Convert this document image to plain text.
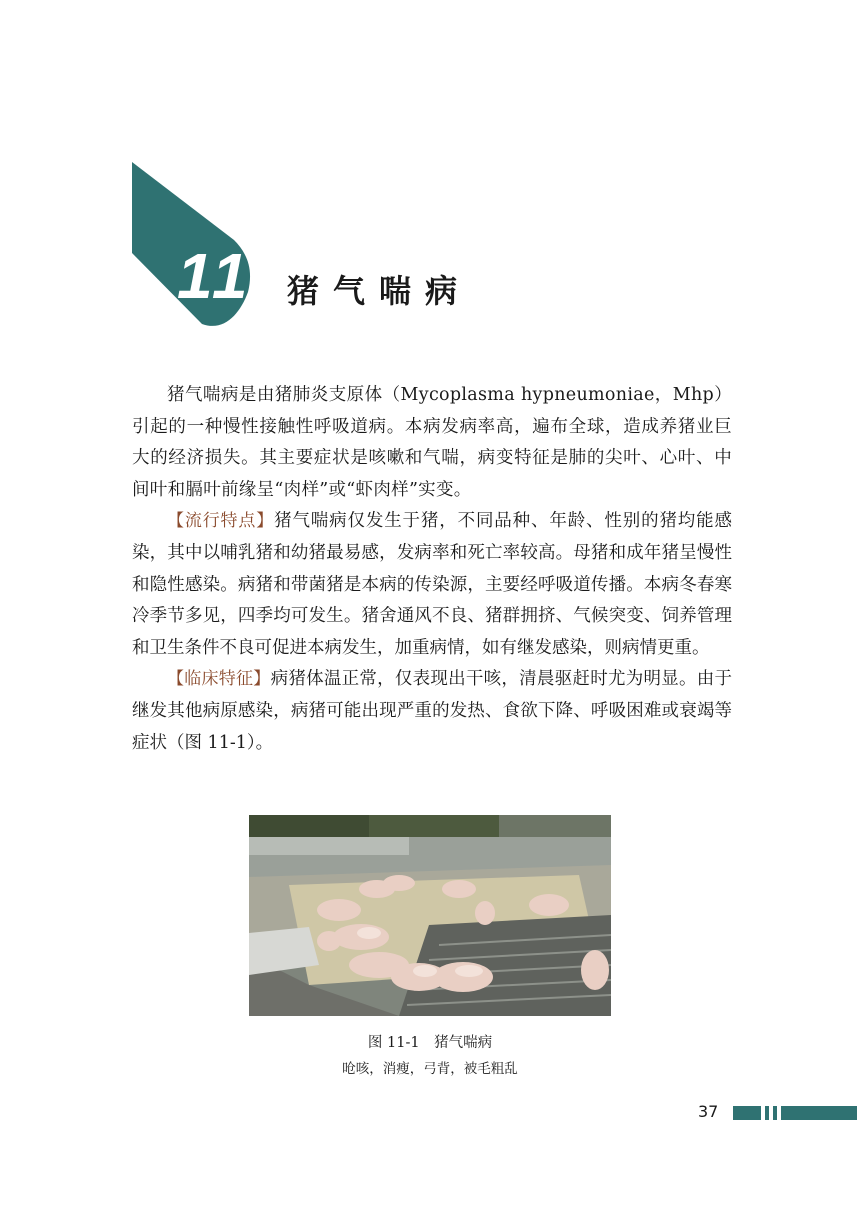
11 猪气喘病

猪气喘病是由猪肺炎支原体（Mycoplasma hypneumoniae，Mhp）引起的一种慢性接触性呼吸道病。本病发病率高，遍布全球，造成养猪业巨大的经济损失。其主要症状是咳嗽和气喘，病变特征是肺的尖叶、心叶、中间叶和膈叶前缘呈“肉样”或“虾肉样”实变。

【流行特点】猪气喘病仅发生于猪，不同品种、年龄、性别的猪均能感染，其中以哺乳猪和幼猪最易感，发病率和死亡率较高。母猪和成年猪呈慢性和隐性感染。病猪和带菌猪是本病的传染源，主要经呼吸道传播。本病冬春寒冷季节多见，四季均可发生。猪舍通风不良、猪群拥挤、气候突变、饲养管理和卫生条件不良可促进本病发生，加重病情，如有继发感染，则病情更重。

【临床特征】病猪体温正常，仅表现出干咳，清晨驱赶时尤为明显。由于继发其他病原感染，病猪可能出现严重的发热、食欲下降、呼吸困难或衰竭等症状（图 11-1）。

图 11-1　猪气喘病
呛咳，消瘦，弓背，被毛粗乱
37
